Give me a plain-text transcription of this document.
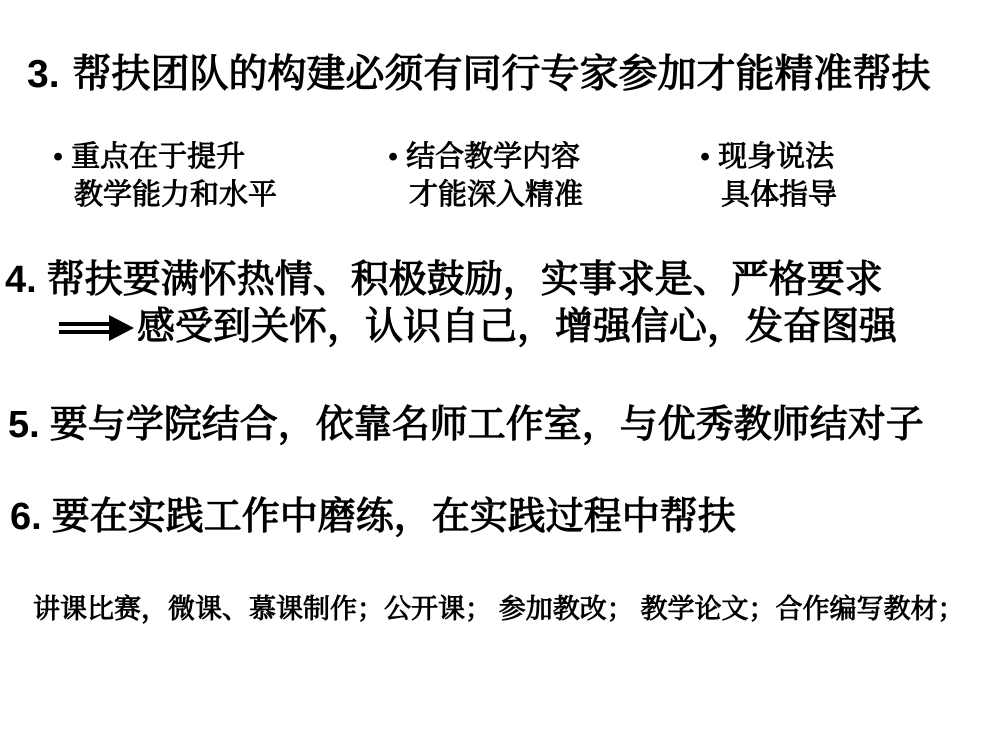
3. 帮扶团队的构建必须有同行专家参加才能精准帮扶
• 重点在于提升
教学能力和水平
• 结合教学内容
才能深入精准
• 现身说法
具体指导
4. 帮扶要满怀热情、积极鼓励，实事求是、严格要求
感受到关怀，认识自己，增强信心，发奋图强
5. 要与学院结合，依靠名师工作室，与优秀教师结对子
6. 要在实践工作中磨练，在实践过程中帮扶
讲课比赛，微课、慕课制作；公开课； 参加教改； 教学论文；合作编写教材；
